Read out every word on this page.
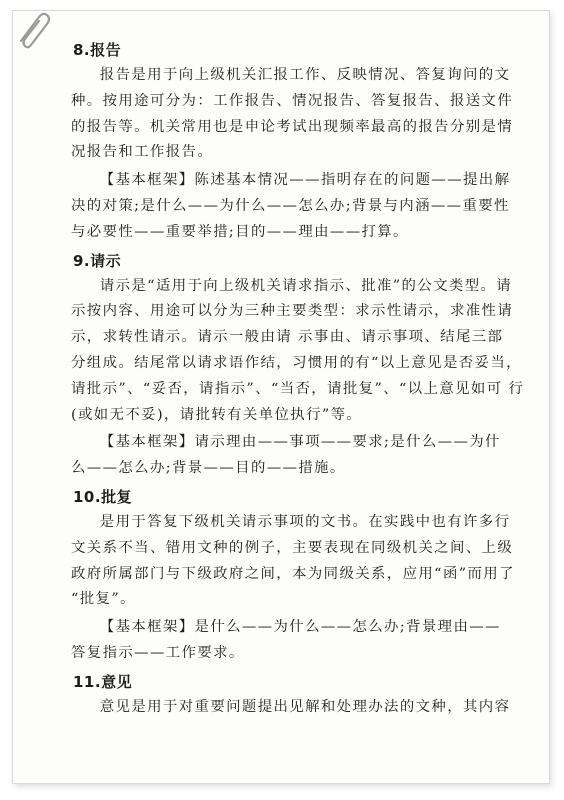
8.报告

报告是用于向上级机关汇报工作、反映情况、答复询问的文
种。按用途可分为：工作报告、情况报告、答复报告、报送文件
的报告等。机关常用也是申论考试出现频率最高的报告分别是情
况报告和工作报告。

【基本框架】陈述基本情况——指明存在的问题——提出解
决的对策;是什么——为什么——怎么办;背景与内涵——重要性
与必要性——重要举措;目的——理由——打算。

9.请示

请示是“适用于向上级机关请求指示、批准”的公文类型。请
示按内容、用途可以分为三种主要类型：求示性请示，求准性请
示，求转性请示。请示一般由请 示事由、请示事项、结尾三部
分组成。结尾常以请求语作结，习惯用的有“以上意见是否妥当，
请批示”、“妥否，请指示”、“当否，请批复”、“以上意见如可 行
(或如无不妥)，请批转有关单位执行”等。

【基本框架】请示理由——事项——要求;是什么——为什
么——怎么办;背景——目的——措施。

10.批复

是用于答复下级机关请示事项的文书。在实践中也有许多行
文关系不当、错用文种的例子，主要表现在同级机关之间、上级
政府所属部门与下级政府之间，本为同级关系，应用“函”而用了
“批复”。

【基本框架】是什么——为什么——怎么办;背景理由——
答复指示——工作要求。

11.意见

意见是用于对重要问题提出见解和处理办法的文种，其内容
